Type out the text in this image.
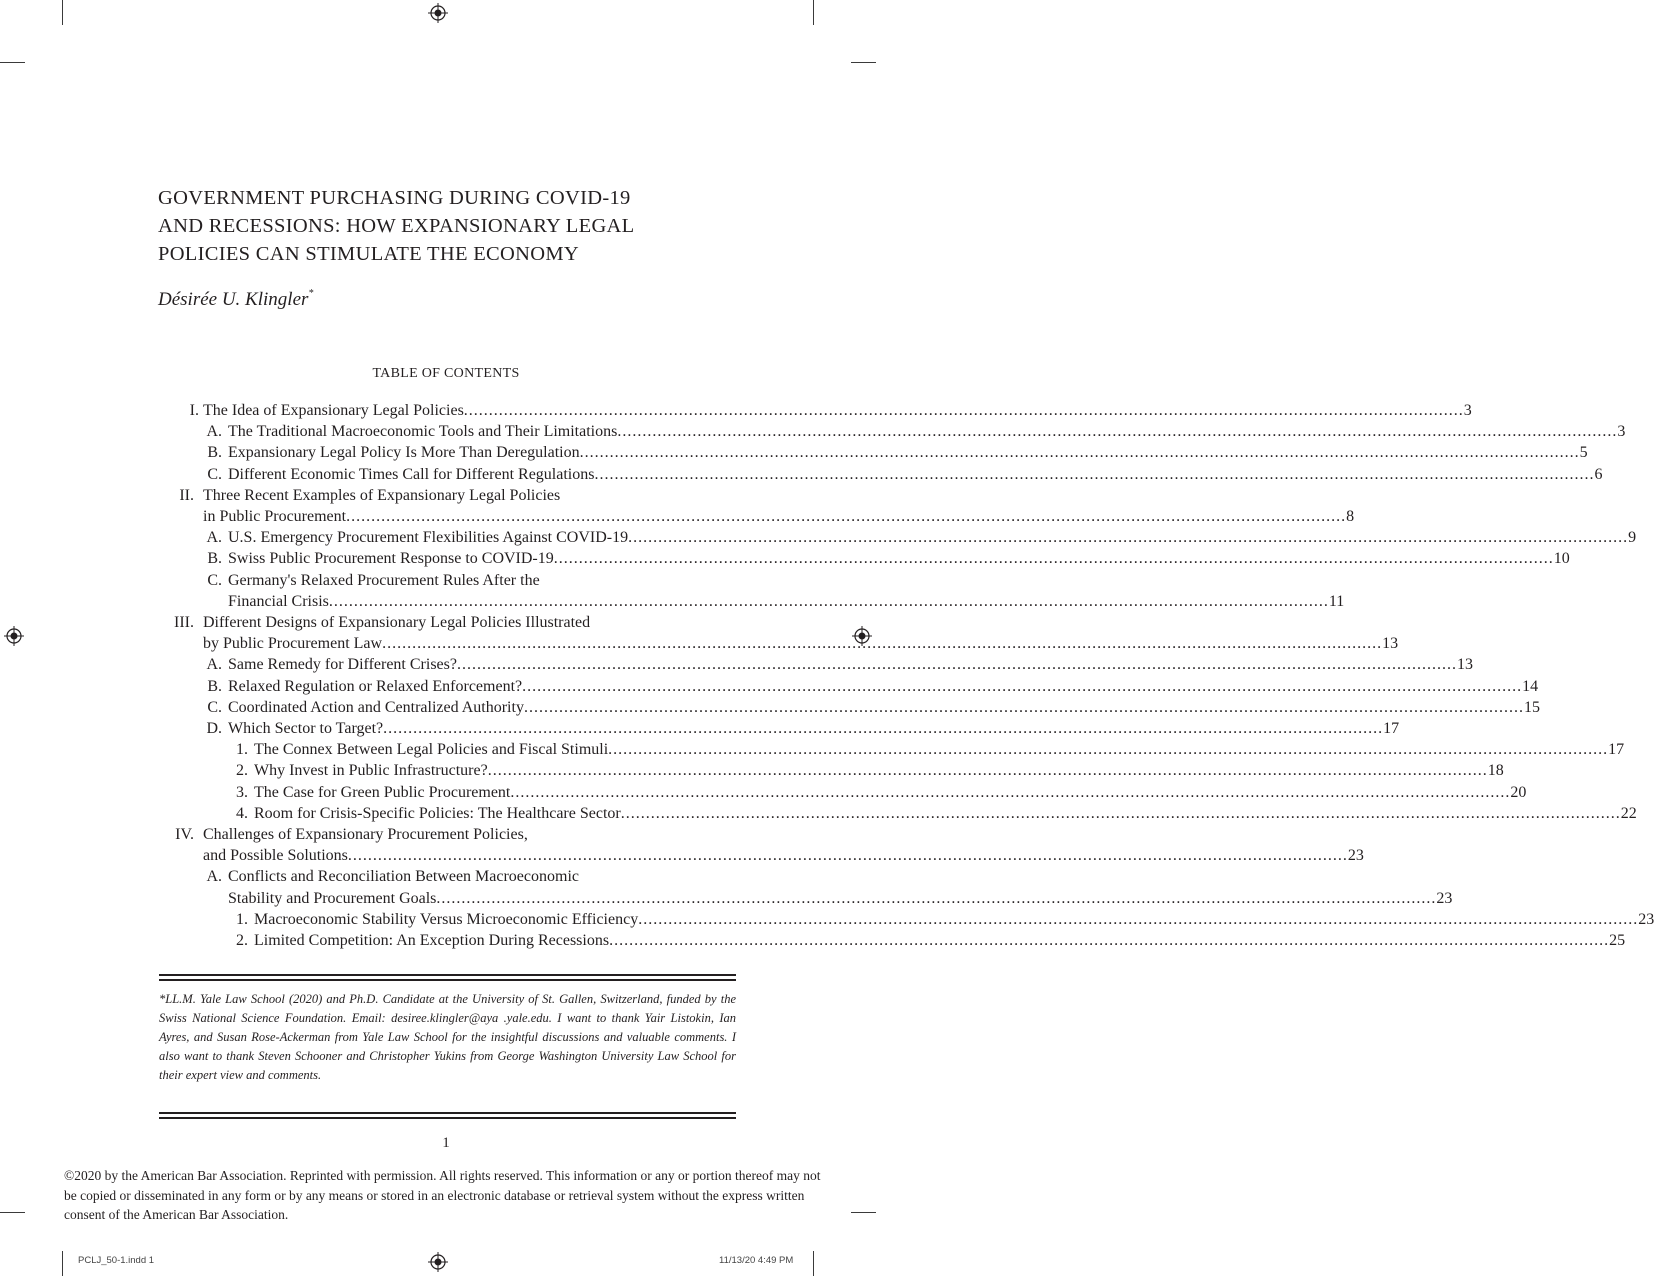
GOVERNMENT PURCHASING DURING COVID-19
AND RECESSIONS: HOW EXPANSIONARY LEGAL
POLICIES CAN STIMULATE THE ECONOMY
Désirée U. Klingler*
TABLE OF CONTENTS
I. The Idea of Expansionary Legal Policies ........................................................................................................................................................................................................ 3
A. The Traditional Macroeconomic Tools and Their Limitations ........................................................................................................................................................................................................ 3
B. Expansionary Legal Policy Is More Than Deregulation ........................................................................................................................................................................................................ 5
C. Different Economic Times Call for Different Regulations ........................................................................................................................................................................................................ 6
II. Three Recent Examples of Expansionary Legal Policies
in Public Procurement ........................................................................................................................................................................................................ 8
A. U.S. Emergency Procurement Flexibilities Against COVID-19 ........................................................................................................................................................................................................ 9
B. Swiss Public Procurement Response to COVID-19 ........................................................................................................................................................................................................ 10
C. Germany's Relaxed Procurement Rules After the
Financial Crisis ........................................................................................................................................................................................................ 11
III. Different Designs of Expansionary Legal Policies Illustrated
by Public Procurement Law ........................................................................................................................................................................................................ 13
A. Same Remedy for Different Crises? ........................................................................................................................................................................................................ 13
B. Relaxed Regulation or Relaxed Enforcement? ........................................................................................................................................................................................................ 14
C. Coordinated Action and Centralized Authority ........................................................................................................................................................................................................ 15
D. Which Sector to Target? ........................................................................................................................................................................................................ 17
1. The Connex Between Legal Policies and Fiscal Stimuli ........................................................................................................................................................................................................ 17
2. Why Invest in Public Infrastructure? ........................................................................................................................................................................................................ 18
3. The Case for Green Public Procurement ........................................................................................................................................................................................................ 20
4. Room for Crisis-Specific Policies: The Healthcare Sector ........................................................................................................................................................................................................ 22
IV. Challenges of Expansionary Procurement Policies,
and Possible Solutions ........................................................................................................................................................................................................ 23
A. Conflicts and Reconciliation Between Macroeconomic
Stability and Procurement Goals ........................................................................................................................................................................................................ 23
1. Macroeconomic Stability Versus Microeconomic Efficiency ........................................................................................................................................................................................................ 23
2. Limited Competition: An Exception During Recessions ........................................................................................................................................................................................................ 25
*LL.M. Yale Law School (2020) and Ph.D. Candidate at the University of St. Gallen, Switzerland, funded by the Swiss National Science Foundation. Email: desiree.klingler@aya .yale.edu. I want to thank Yair Listokin, Ian Ayres, and Susan Rose-Ackerman from Yale Law School for the insightful discussions and valuable comments. I also want to thank Steven Schooner and Christopher Yukins from George Washington University Law School for their expert view and comments.
1
©2020 by the American Bar Association. Reprinted with permission. All rights reserved. This information or any or portion thereof may not be copied or disseminated in any form or by any means or stored in an electronic database or retrieval system without the express written consent of the American Bar Association.
PCLJ_50-1.indd 1	11/13/20 4:49 PM
